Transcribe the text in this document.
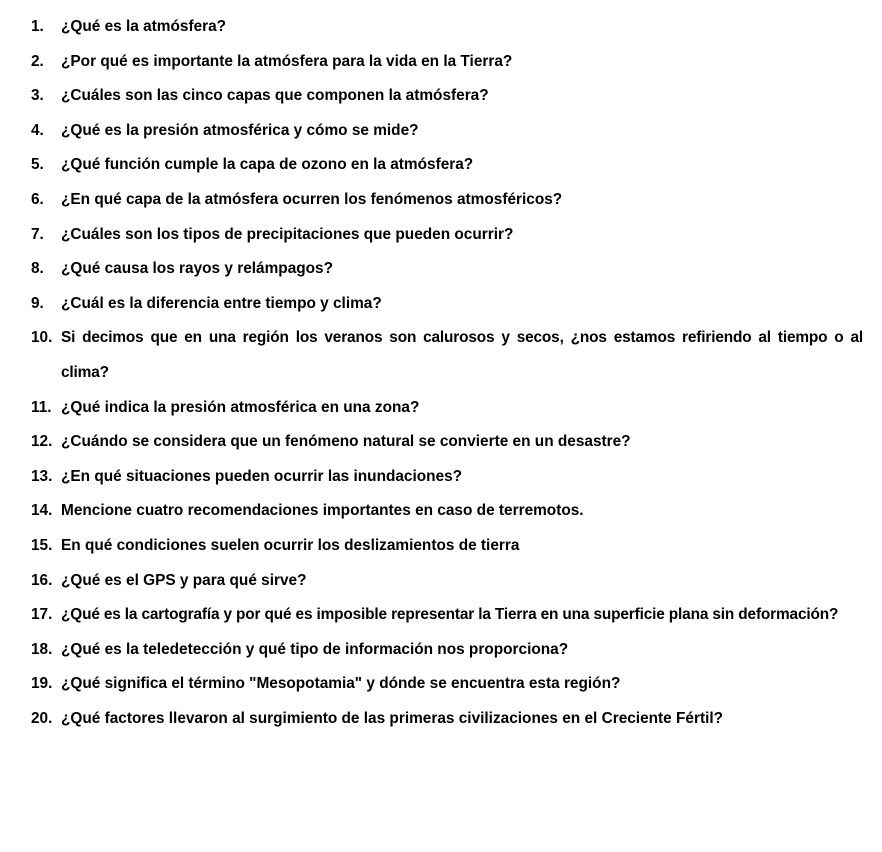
1.	¿Qué es la atmósfera?
2.	¿Por qué es importante la atmósfera para la vida en la Tierra?
3.	¿Cuáles son las cinco capas que componen la atmósfera?
4.	¿Qué es la presión atmosférica y cómo se mide?
5.	¿Qué función cumple la capa de ozono en la atmósfera?
6.	¿En qué capa de la atmósfera ocurren los fenómenos atmosféricos?
7.	¿Cuáles son los tipos de precipitaciones que pueden ocurrir?
8.	¿Qué causa los rayos y relámpagos?
9.	¿Cuál es la diferencia entre tiempo y clima?
10. Si decimos que en una región los veranos son calurosos y secos, ¿nos estamos refiriendo al tiempo o al clima?
11. ¿Qué indica la presión atmosférica en una zona?
12. ¿Cuándo se considera que un fenómeno natural se convierte en un desastre?
13. ¿En qué situaciones pueden ocurrir las inundaciones?
14. Mencione cuatro recomendaciones importantes en caso de terremotos.
15. En qué condiciones suelen ocurrir los deslizamientos de tierra
16. ¿Qué es el GPS y para qué sirve?
17. ¿Qué es la cartografía y por qué es imposible representar la Tierra en una superficie plana sin deformación?
18. ¿Qué es la teledetección y qué tipo de información nos proporciona?
19. ¿Qué significa el término "Mesopotamia" y dónde se encuentra esta región?
20. ¿Qué factores llevaron al surgimiento de las primeras civilizaciones en el Creciente Fértil?
